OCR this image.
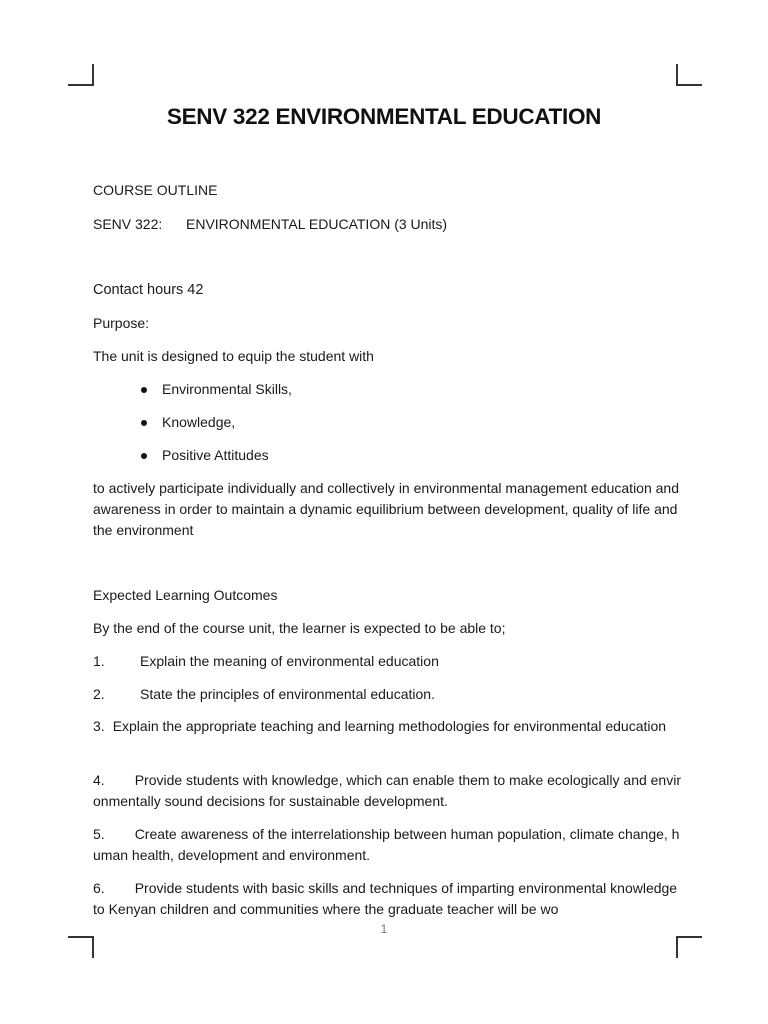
SENV 322 ENVIRONMENTAL EDUCATION
COURSE OUTLINE
SENV 322: ENVIRONMENTAL EDUCATION (3 Units)
Contact hours 42
Purpose:
The unit is designed to equip the student with
Environmental Skills,
Knowledge,
Positive Attitudes
to actively participate individually and collectively in environmental management education and awareness in order to maintain a dynamic equilibrium between development, quality of life and the environment
Expected Learning Outcomes
By the end of the course unit, the learner is expected to be able to;
1.	Explain the meaning of environmental education
2.	State the principles of environmental education.
3. Explain the appropriate teaching and learning methodologies for environmental education
4. Provide students with knowledge, which can enable them to make ecologically and environmentally sound decisions for sustainable development.
5. Create awareness of the interrelationship between human population, climate change, human health, development and environment.
6. Provide students with basic skills and techniques of imparting environmental knowledge to Kenyan children and communities where the graduate teacher will be wo
1
